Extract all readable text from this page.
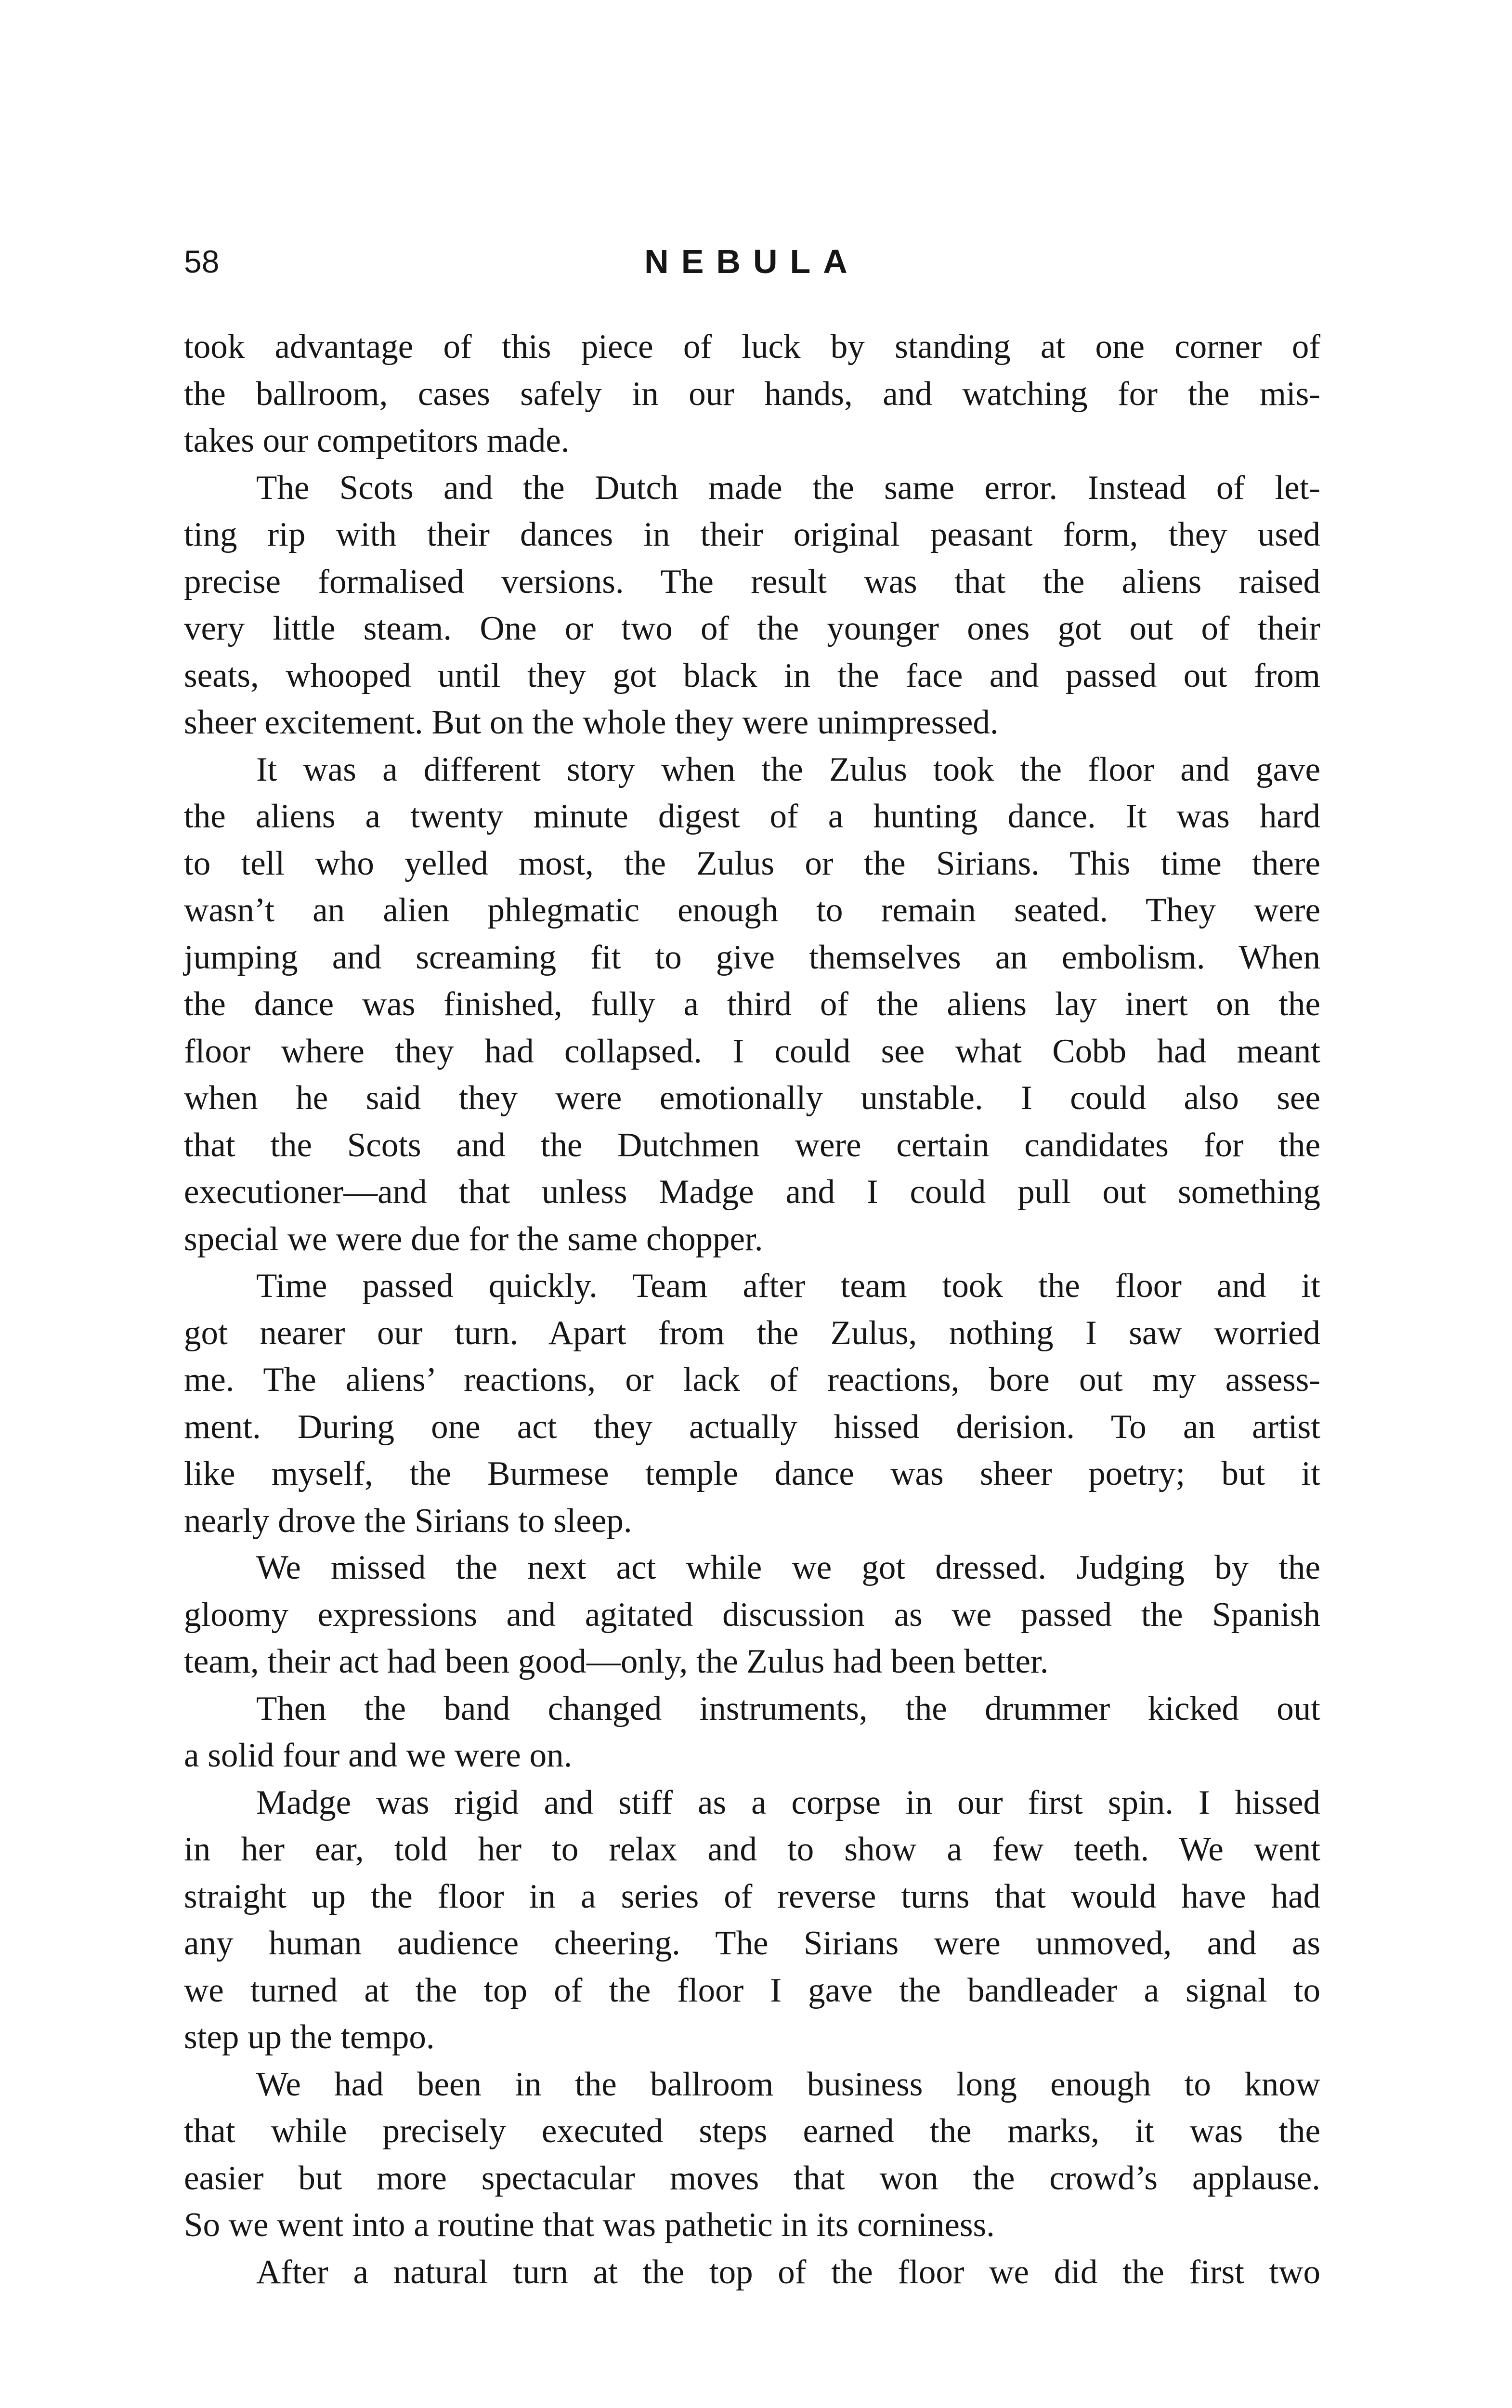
58	NEBULA

took advantage of this piece of luck by standing at one corner of

the ballroom, cases safely in our hands, and watching for the mis-

takes our competitors made.

The Scots and the Dutch made the same error. Instead of let-

ting rip with their dances in their original peasant form, they used

precise formalised versions. The result was that the aliens raised

very little steam. One or two of the younger ones got out of their

seats, whooped until they got black in the face and passed out from

sheer excitement. But on the whole they were unimpressed.

It was a different story when the Zulus took the floor and gave

the aliens a twenty minute digest of a hunting dance. It was hard

to tell who yelled most, the Zulus or the Sirians. This time there

wasn’t an alien phlegmatic enough to remain seated. They were

jumping and screaming fit to give themselves an embolism. When

the dance was finished, fully a third of the aliens lay inert on the

floor where they had collapsed. I could see what Cobb had meant

when he said they were emotionally unstable. I could also see

that the Scots and the Dutchmen were certain candidates for the

executioner—and that unless Madge and I could pull out something

special we were due for the same chopper.

Time passed quickly. Team after team took the floor and it

got nearer our turn. Apart from the Zulus, nothing I saw worried

me. The aliens’ reactions, or lack of reactions, bore out my assess-

ment. During one act they actually hissed derision. To an artist

like myself, the Burmese temple dance was sheer poetry; but it

nearly drove the Sirians to sleep.

We missed the next act while we got dressed. Judging by the

gloomy expressions and agitated discussion as we passed the Spanish

team, their act had been good—only, the Zulus had been better.

Then the band changed instruments, the drummer kicked out

a solid four and we were on.

Madge was rigid and stiff as a corpse in our first spin. I hissed

in her ear, told her to relax and to show a few teeth. We went

straight up the floor in a series of reverse turns that would have had

any human audience cheering. The Sirians were unmoved, and as

we turned at the top of the floor I gave the bandleader a signal to

step up the tempo.

We had been in the ballroom business long enough to know

that while precisely executed steps earned the marks, it was the

easier but more spectacular moves that won the crowd’s applause.

So we went into a routine that was pathetic in its corniness.

After a natural turn at the top of the floor we did the first two
